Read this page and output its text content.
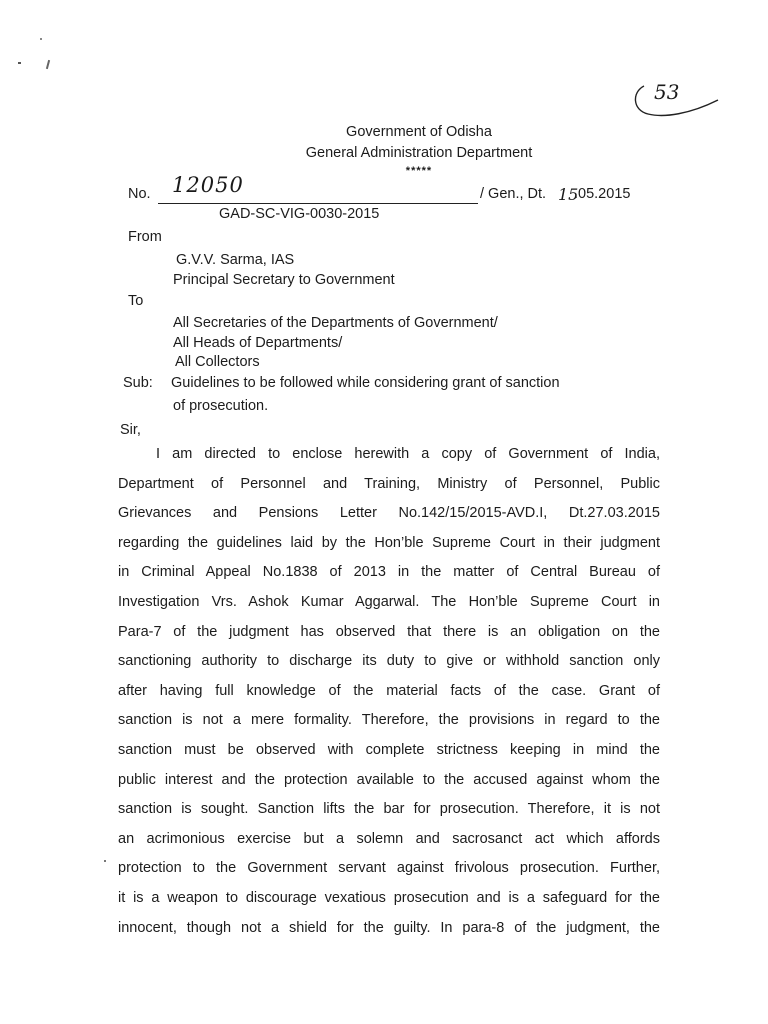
53
Government of Odisha
General Administration Department
*****
No. 12050	/ Gen., Dt. 15
.05.2015
GAD-SC-VIG-0030-2015
From
G.V.V. Sarma, IAS
Principal Secretary to Government
To
All Secretaries of the Departments of Government/
All Heads of Departments/
All Collectors
Sub: Guidelines to be followed while considering grant of sanction
of prosecution.
Sir,
I am directed to enclose herewith a copy of Government of India,
Department of Personnel and Training, Ministry of Personnel, Public
Grievances and Pensions Letter No.142/15/2015-AVD.I, Dt.27.03.2015
regarding the guidelines laid by the Hon’ble Supreme Court in their judgment
in Criminal Appeal No.1838 of 2013 in the matter of Central Bureau of
Investigation Vrs. Ashok Kumar Aggarwal. The Hon’ble Supreme Court in
Para-7 of the judgment has observed that there is an obligation on the
sanctioning authority to discharge its duty to give or withhold sanction only
after having full knowledge of the material facts of the case. Grant of
sanction is not a mere formality. Therefore, the provisions in regard to the
sanction must be observed with complete strictness keeping in mind the
public interest and the protection available to the accused against whom the
sanction is sought. Sanction lifts the bar for prosecution. Therefore, it is not
an acrimonious exercise but a solemn and sacrosanct act which affords
protection to the Government servant against frivolous prosecution. Further,
it is a weapon to discourage vexatious prosecution and is a safeguard for the
innocent, though not a shield for the guilty. In para-8 of the judgment, the
